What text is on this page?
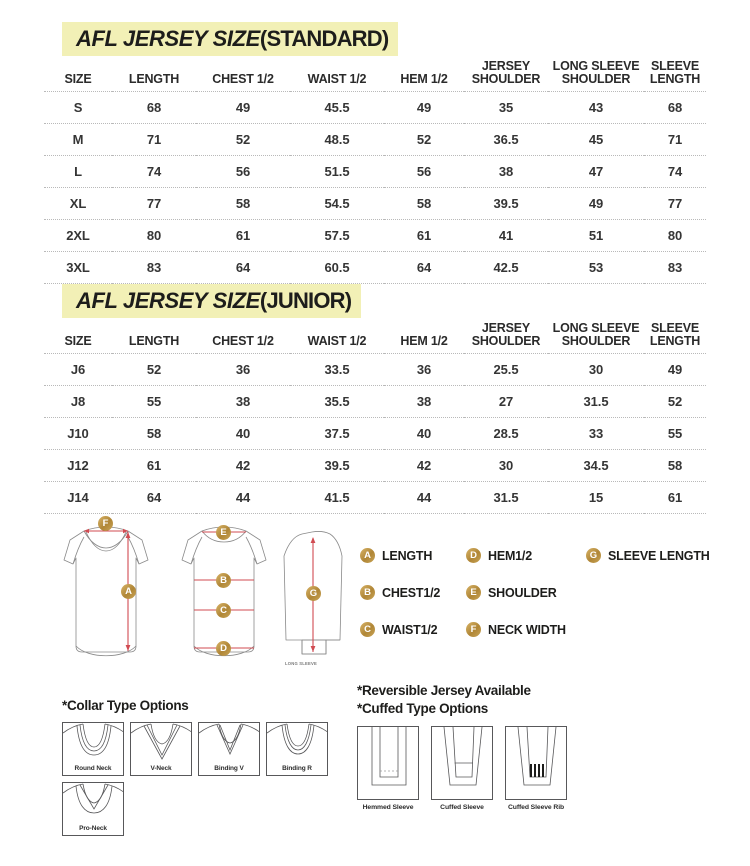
AFL JERSEY SIZE(STANDARD)
SIZE	LENGTH	CHEST 1/2	WAIST 1/2	HEM 1/2	JERSEY SHOULDER	LONG SLEEVE SHOULDER	SLEEVE LENGTH
S	68	49	45.5	49	35	43	68
M	71	52	48.5	52	36.5	45	71
L	74	56	51.5	56	38	47	74
XL	77	58	54.5	58	39.5	49	77
2XL	80	61	57.5	61	41	51	80
3XL	83	64	60.5	64	42.5	53	83
AFL JERSEY SIZE(JUNIOR)
SIZE	LENGTH	CHEST 1/2	WAIST 1/2	HEM 1/2	JERSEY SHOULDER	LONG SLEEVE SHOULDER	SLEEVE LENGTH
J6	52	36	33.5	36	25.5	30	49
J8	55	38	35.5	38	27	31.5	52
J10	58	40	37.5	40	28.5	33	55
J12	61	42	39.5	42	30	34.5	58
J14	64	44	41.5	44	31.5	15	61
F
A
E
B
C
D
G
LONG SLEEVE
A LENGTH	D HEM1/2	G SLEEVE LENGTH
B CHEST1/2	E SHOULDER
C WAIST1/2	F NECK WIDTH
*Collar Type Options
Round Neck	V-Neck	Binding V	Binding R
Pro-Neck
*Reversible Jersey Available
*Cuffed Type Options
Hemmed Sleeve	Cuffed Sleeve	Cuffed Sleeve Rib
